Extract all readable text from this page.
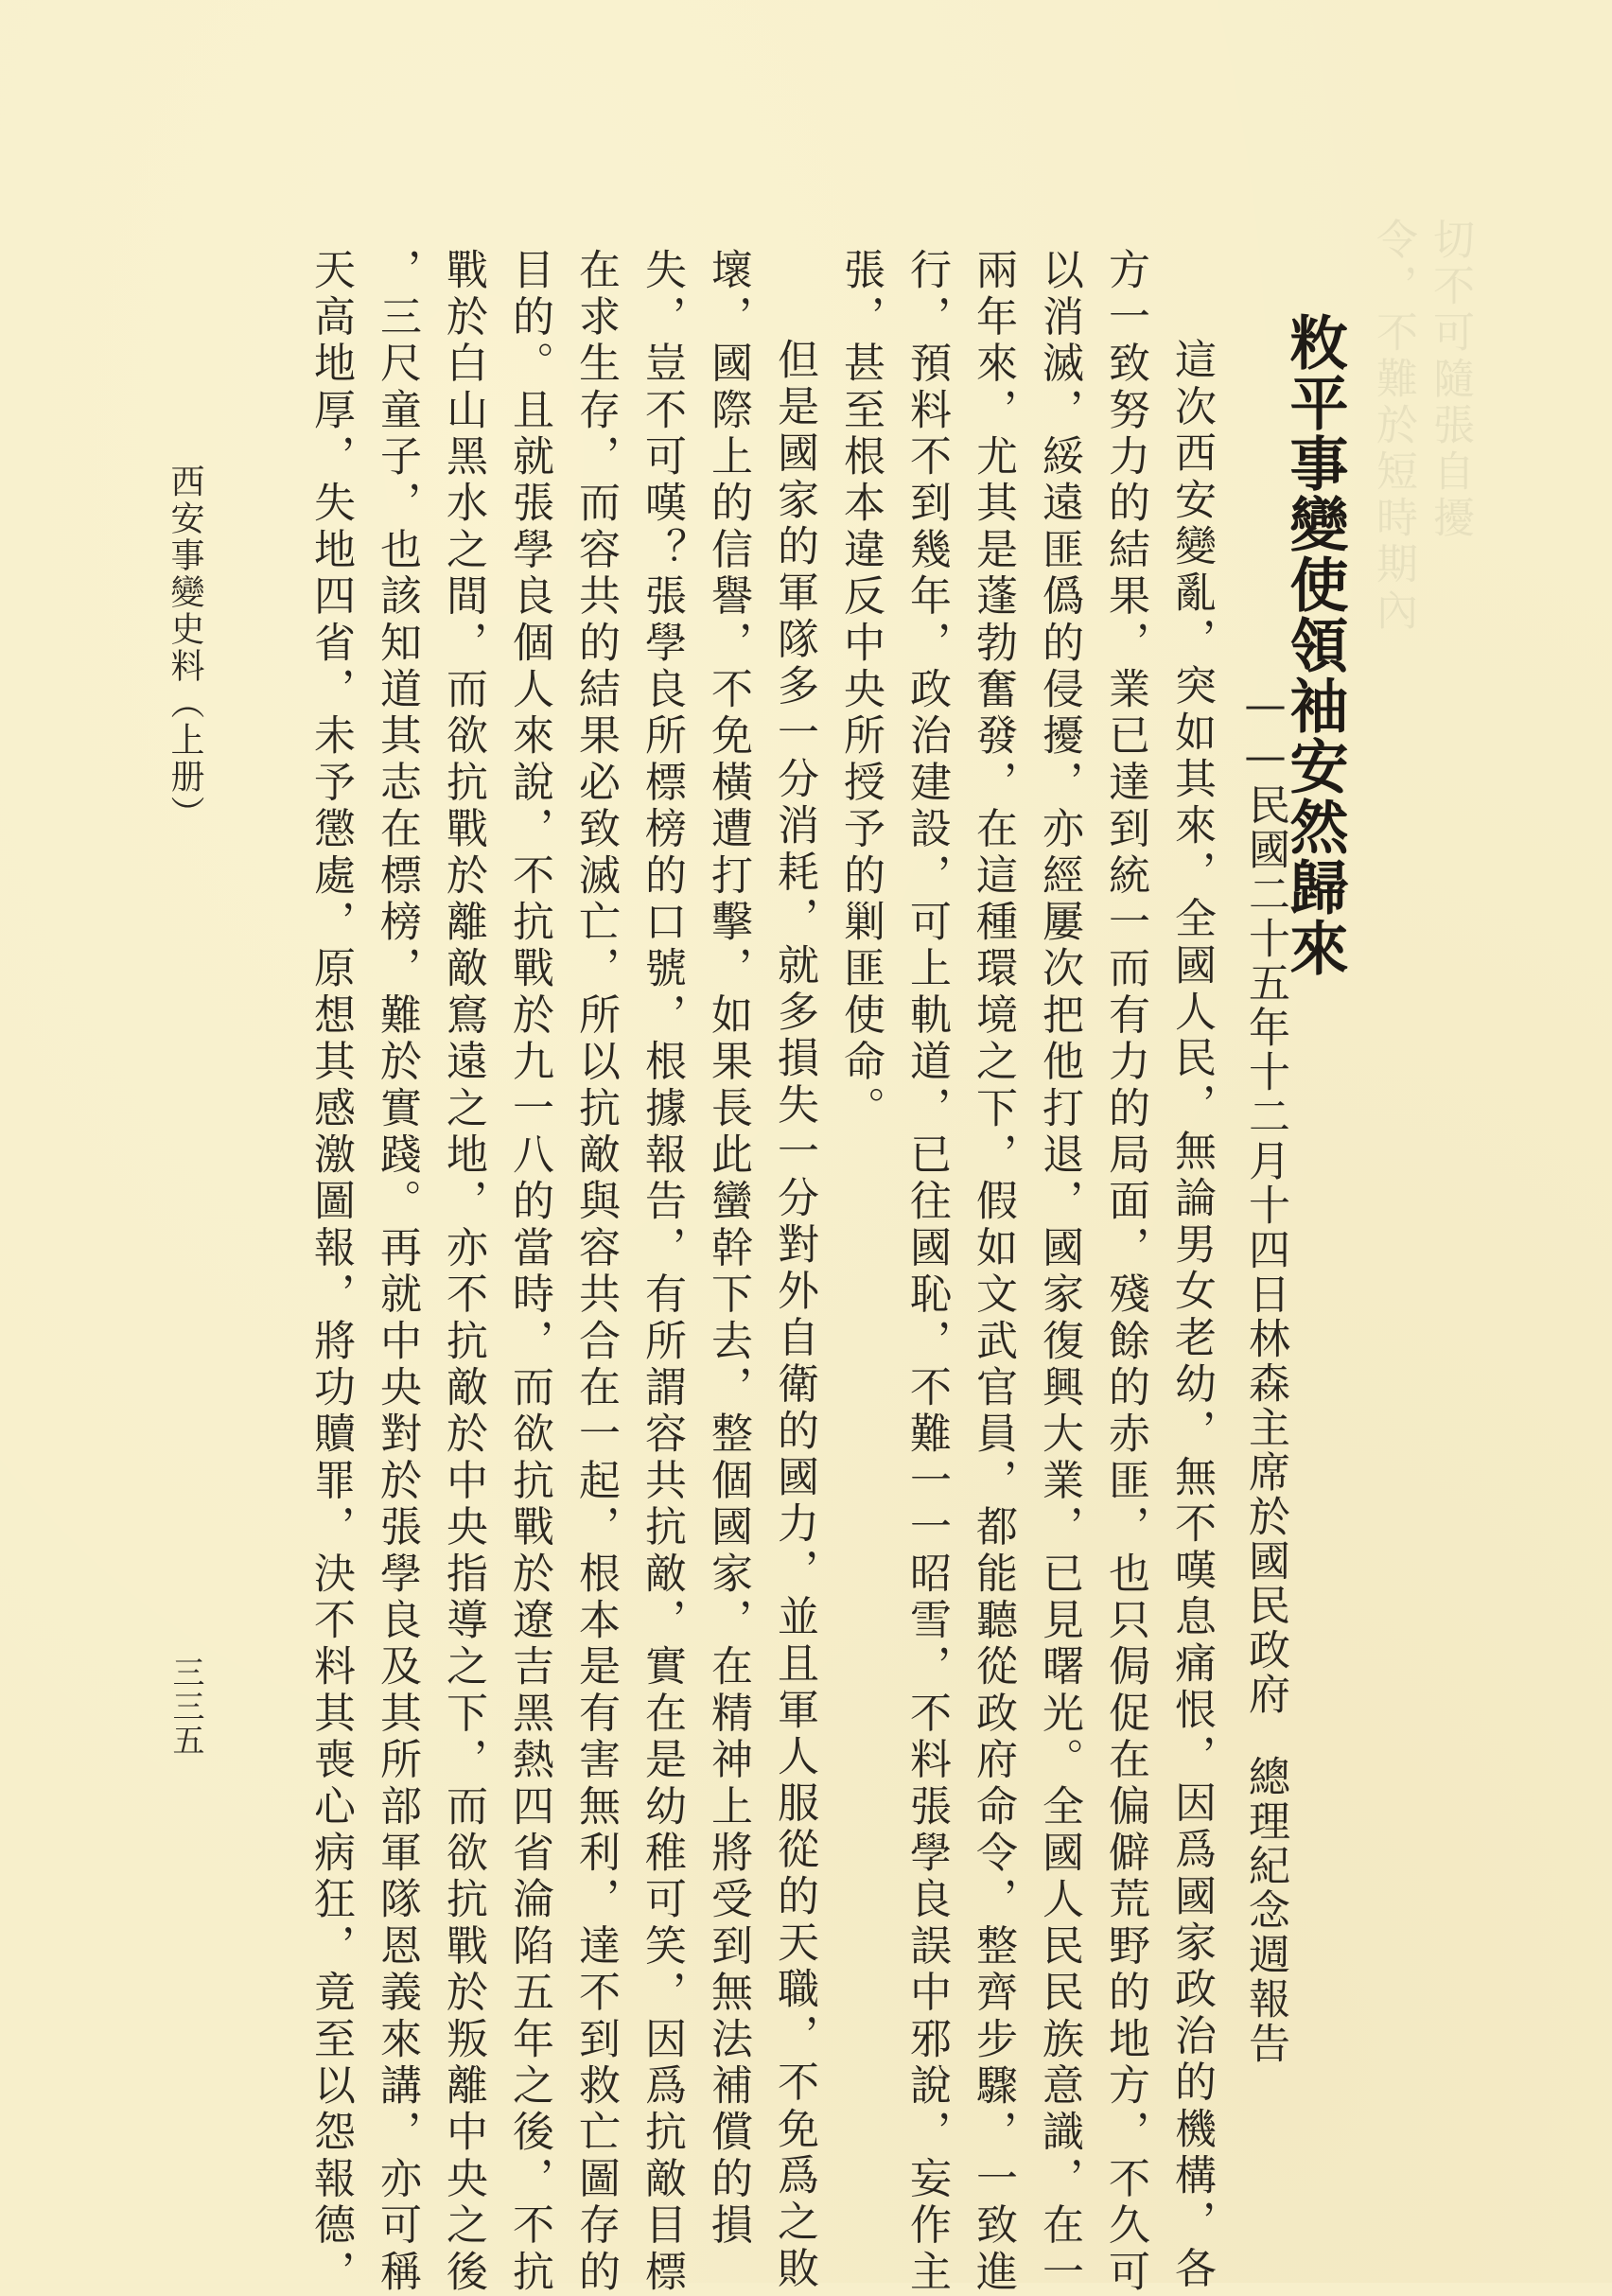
令，不難於短時期內 切不可隨張自擾
敉平事變使領袖安然歸來
——民國二十五年十二月十四日林森主席於國民政府總理紀念週報告
這次西安變亂，突如其來，全國人民，無論男女老幼，無不嘆息痛恨，因爲國家政治的機構，各
方一致努力的結果，業已達到統一而有力的局面，殘餘的赤匪，也只侷促在偏僻荒野的地方，不久可
以消滅，綏遠匪僞的侵擾，亦經屢次把他打退，國家復興大業，已見曙光。全國人民民族意識，在一
兩年來，尤其是蓬勃奮發，在這種環境之下，假如文武官員，都能聽從政府命令，整齊步驟，一致進
行，預料不到幾年，政治建設，可上軌道，已往國恥，不難一一昭雪，不料張學良誤中邪說，妄作主
張，甚至根本違反中央所授予的剿匪使命。
但是國家的軍隊多一分消耗，就多損失一分對外自衛的國力，並且軍人服從的天職，不免爲之敗
壞，國際上的信譽，不免橫遭打擊，如果長此蠻幹下去，整個國家，在精神上將受到無法補償的損
失，豈不可嘆？張學良所標榜的口號，根據報告，有所謂容共抗敵，實在是幼稚可笑，因爲抗敵目標
在求生存，而容共的結果必致滅亡，所以抗敵與容共合在一起，根本是有害無利，達不到救亡圖存的
目的。且就張學良個人來說，不抗戰於九一八的當時，而欲抗戰於遼吉黑熱四省淪陷五年之後，不抗
戰於白山黑水之間，而欲抗戰於離敵窵遠之地，亦不抗敵於中央指導之下，而欲抗戰於叛離中央之後
，三尺童子，也該知道其志在標榜，難於實踐。再就中央對於張學良及其所部軍隊恩義來講，亦可稱
天高地厚，失地四省，未予懲處，原想其感激圖報，將功贖罪，決不料其喪心病狂，竟至以怨報德，
西安事變史料（上册）
三三五
